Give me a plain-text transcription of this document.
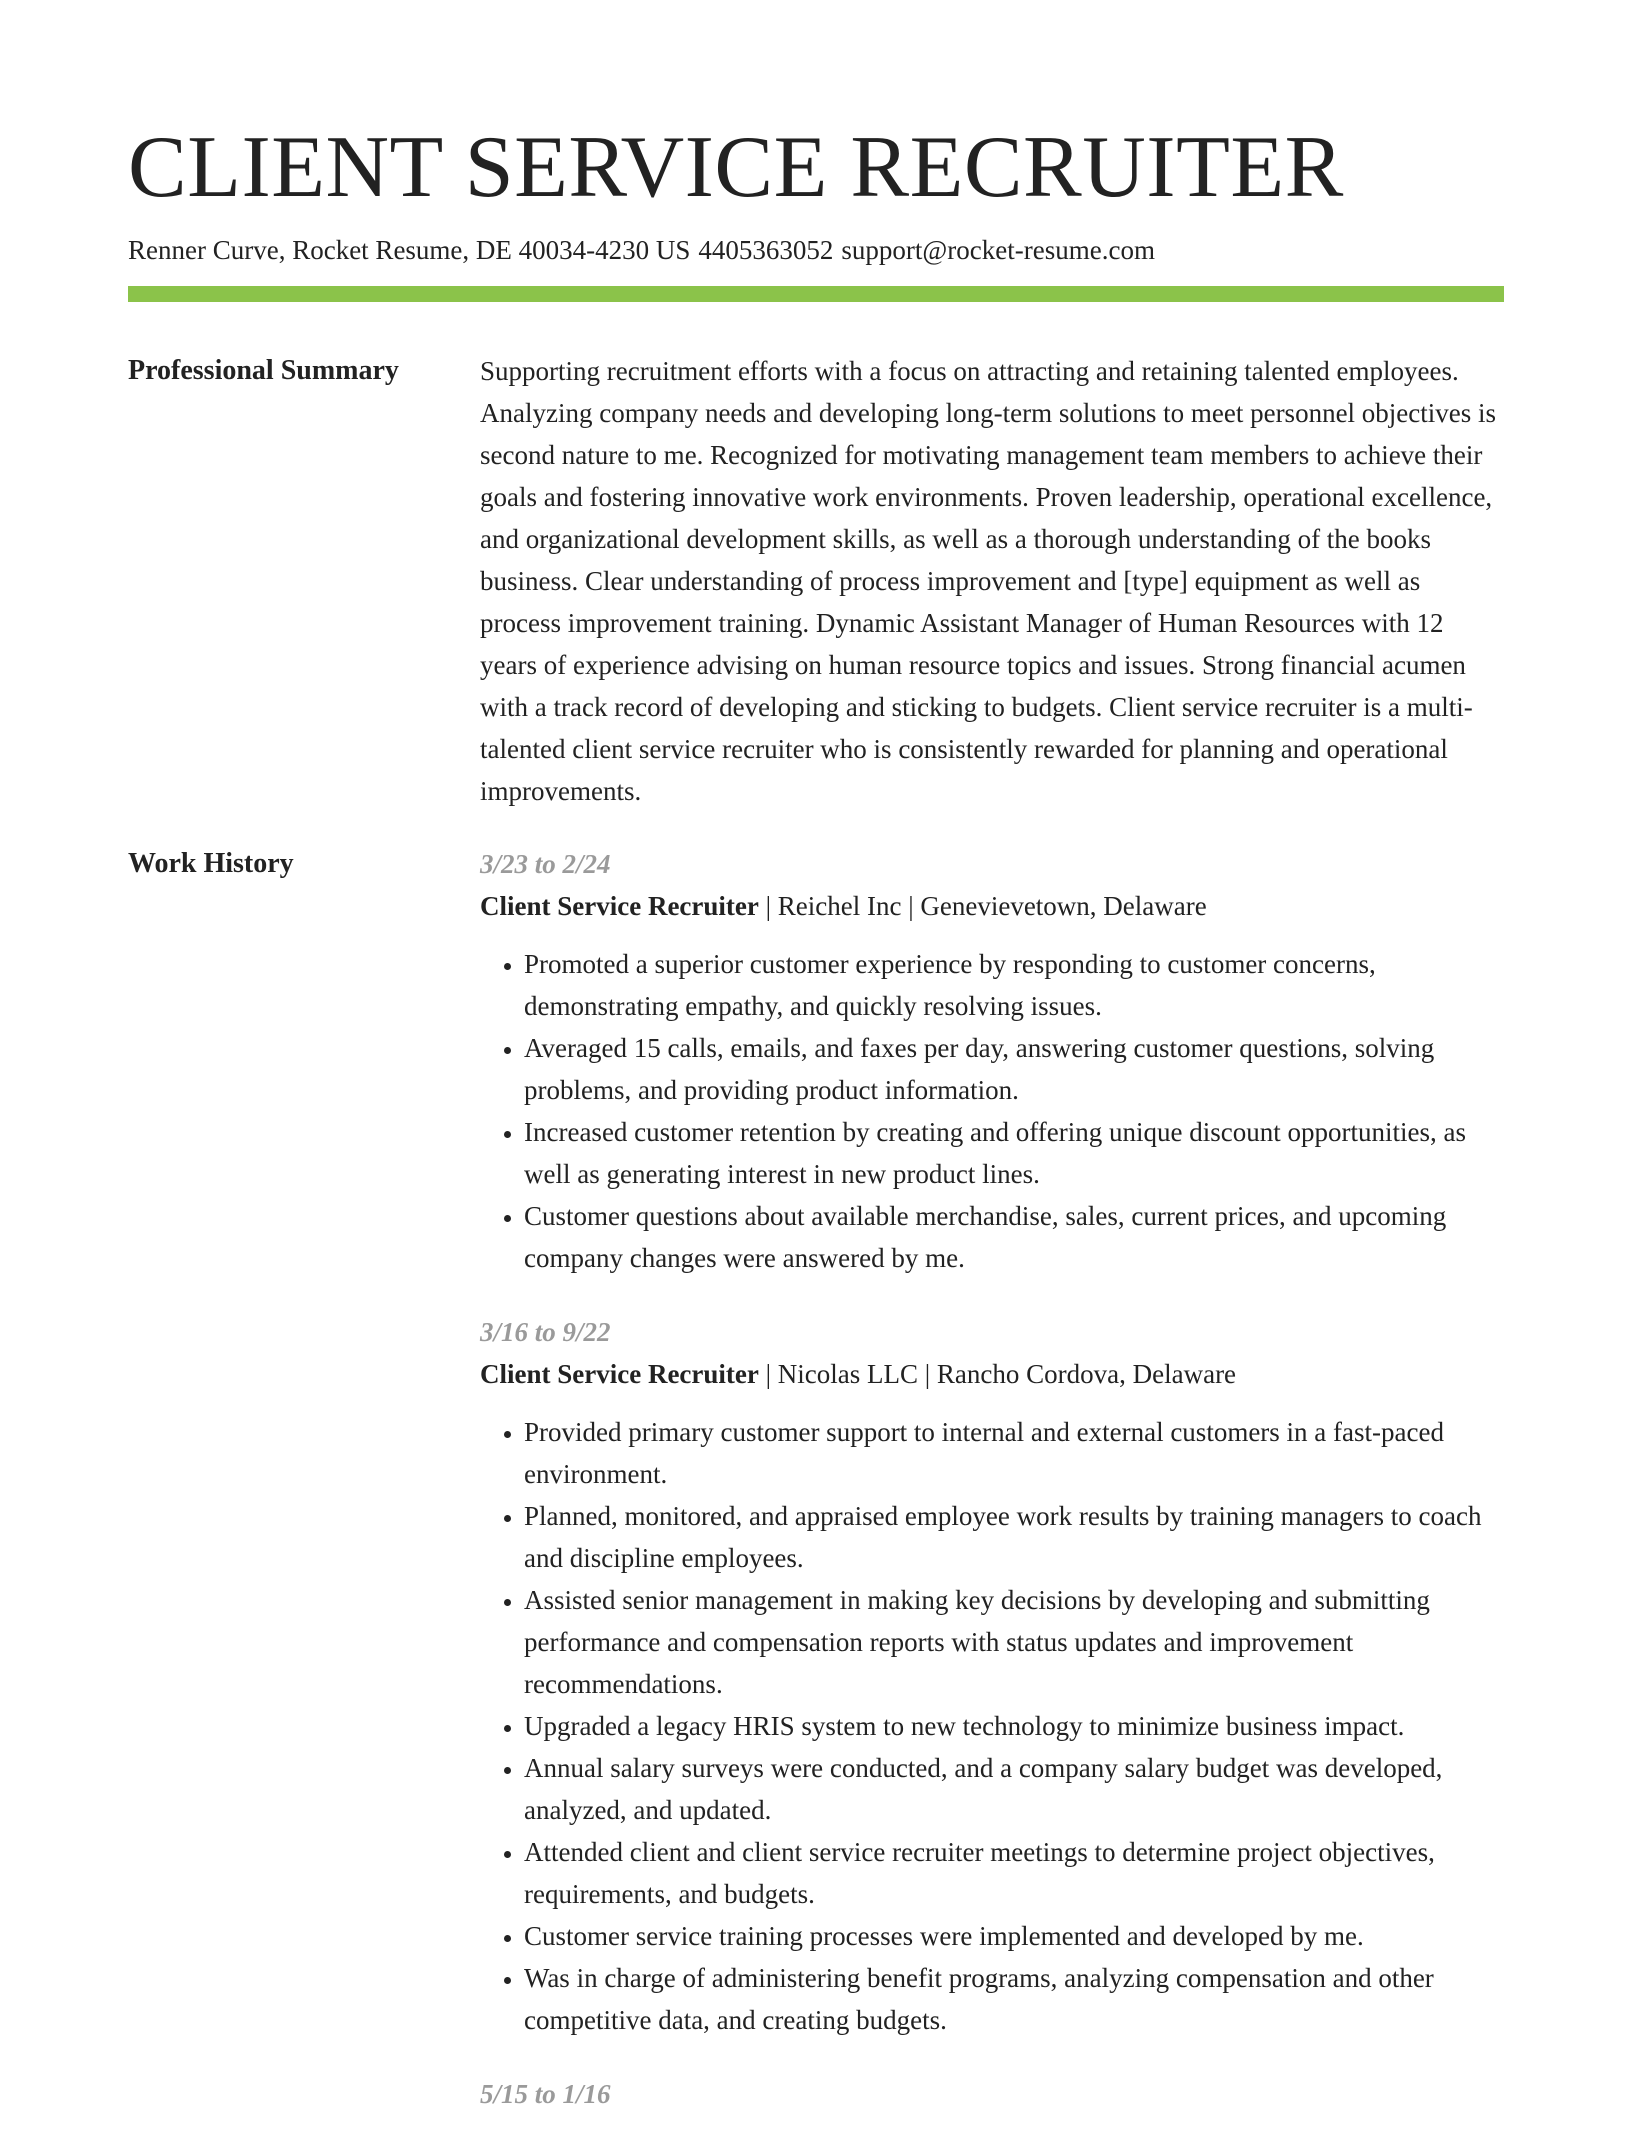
CLIENT SERVICE RECRUITER
Renner Curve, Rocket Resume, DE 40034-4230 US 4405363052 support@rocket-resume.com
Professional Summary	Supporting recruitment efforts with a focus on attracting and retaining talented employees. Analyzing company needs and developing long-term solutions to meet personnel objectives is second nature to me. Recognized for motivating management team members to achieve their goals and fostering innovative work environments. Proven leadership, operational excellence, and organizational development skills, as well as a thorough understanding of the books business. Clear understanding of process improvement and [type] equipment as well as process improvement training. Dynamic Assistant Manager of Human Resources with 12 years of experience advising on human resource topics and issues. Strong financial acumen with a track record of developing and sticking to budgets. Client service recruiter is a multi-talented client service recruiter who is consistently rewarded for planning and operational improvements.

Work History	3/23 to 2/24
Client Service Recruiter | Reichel Inc | Genevievetown, Delaware
• Promoted a superior customer experience by responding to customer concerns, demonstrating empathy, and quickly resolving issues.
• Averaged 15 calls, emails, and faxes per day, answering customer questions, solving problems, and providing product information.
• Increased customer retention by creating and offering unique discount opportunities, as well as generating interest in new product lines.
• Customer questions about available merchandise, sales, current prices, and upcoming company changes were answered by me.
3/16 to 9/22
Client Service Recruiter | Nicolas LLC | Rancho Cordova, Delaware
• Provided primary customer support to internal and external customers in a fast-paced environment.
• Planned, monitored, and appraised employee work results by training managers to coach and discipline employees.
• Assisted senior management in making key decisions by developing and submitting performance and compensation reports with status updates and improvement recommendations.
• Upgraded a legacy HRIS system to new technology to minimize business impact.
• Annual salary surveys were conducted, and a company salary budget was developed, analyzed, and updated.
• Attended client and client service recruiter meetings to determine project objectives, requirements, and budgets.
• Customer service training processes were implemented and developed by me.
• Was in charge of administering benefit programs, analyzing compensation and other competitive data, and creating budgets.
5/15 to 1/16
